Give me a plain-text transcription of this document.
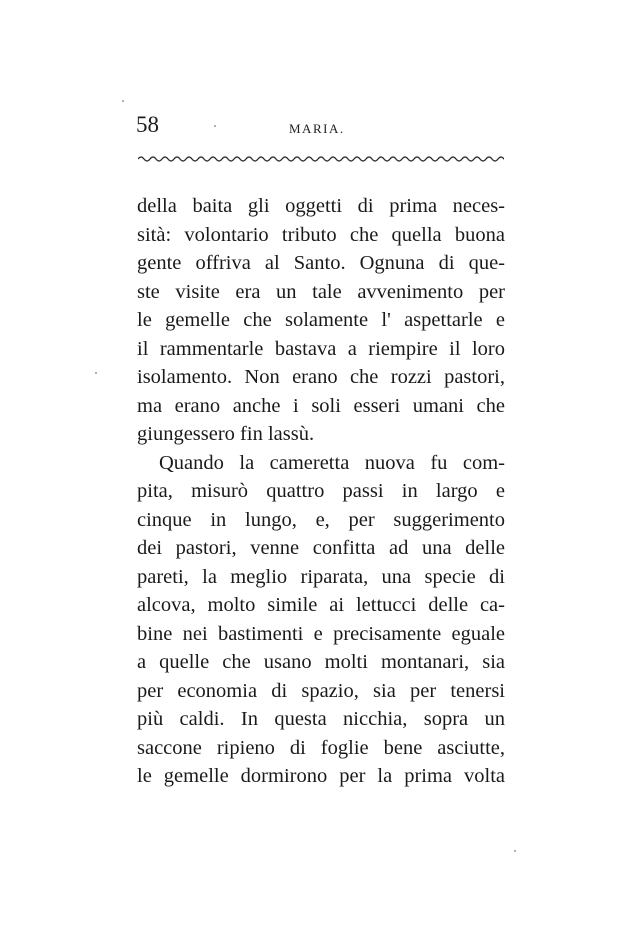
58	MARIA.
della baita gli oggetti di prima neces-
sità: volontario tributo che quella buona
gente offriva al Santo. Ognuna di que-
ste visite era un tale avvenimento per
le gemelle che solamente l' aspettarle e
il rammentarle bastava a riempire il loro
isolamento. Non erano che rozzi pastori,
ma erano anche i soli esseri umani che
giungessero fin lassù.
Quando la cameretta nuova fu com-
pita, misurò quattro passi in largo e
cinque in lungo, e, per suggerimento
dei pastori, venne confitta ad una delle
pareti, la meglio riparata, una specie di
alcova, molto simile ai lettucci delle ca-
bine nei bastimenti e precisamente eguale
a quelle che usano molti montanari, sia
per economia di spazio, sia per tenersi
più caldi. In questa nicchia, sopra un
saccone ripieno di foglie bene asciutte,
le gemelle dormirono per la prima volta
